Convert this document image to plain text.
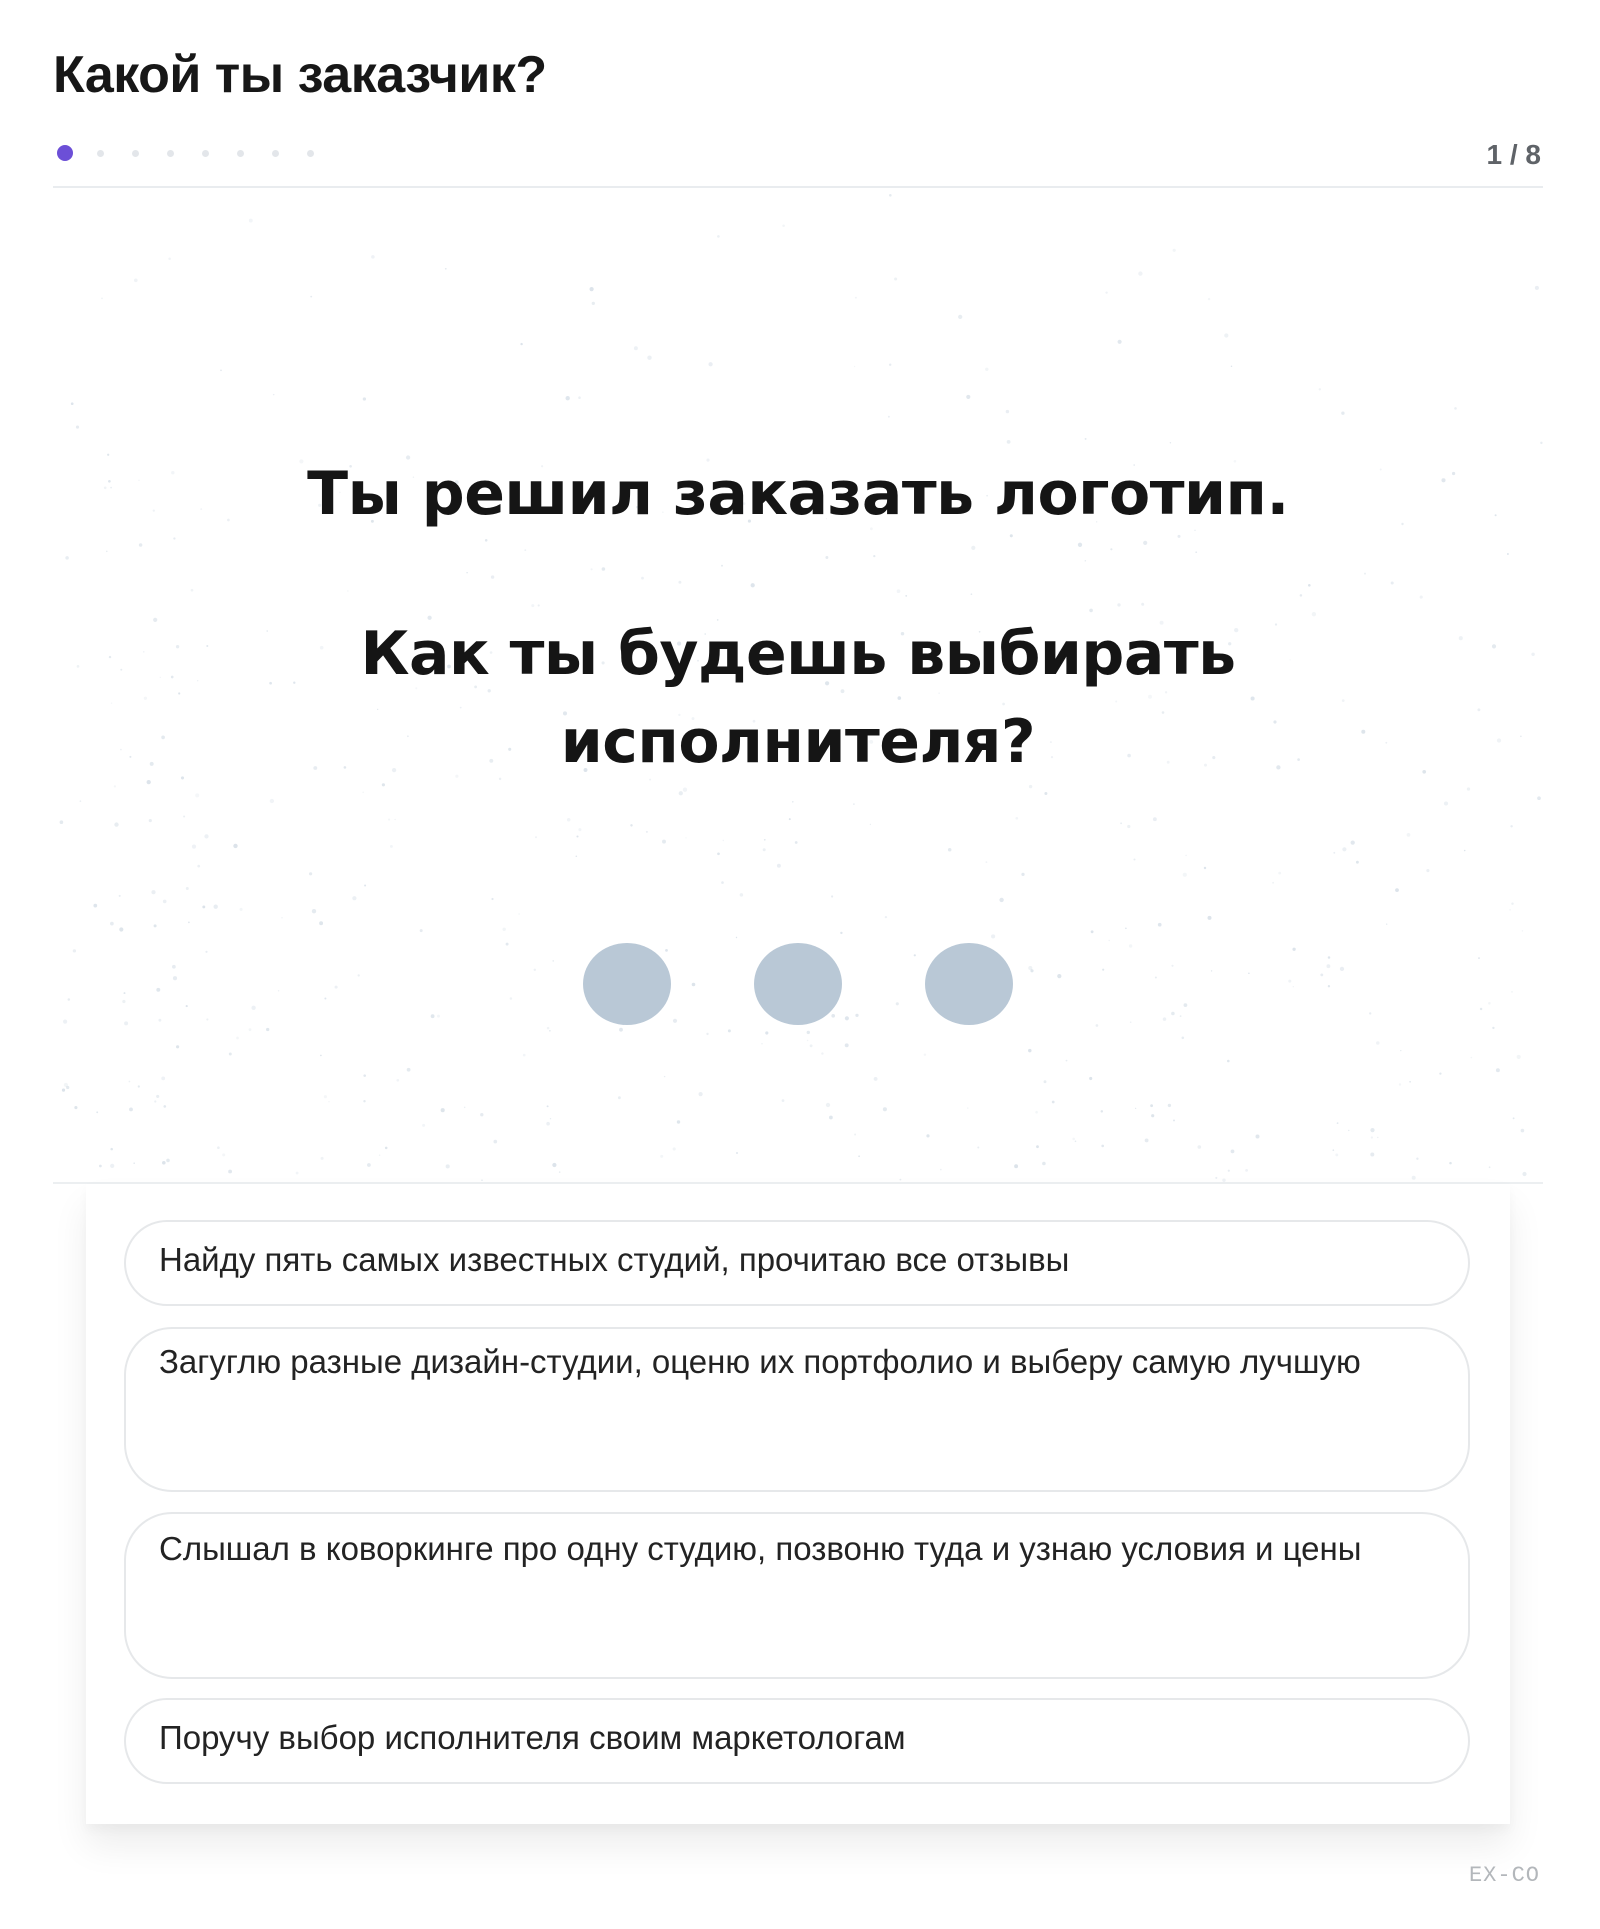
Какой ты заказчик?
1 / 8
Ты решил заказать логотип.
Как ты будешь выбирать
исполнителя?
Найду пять самых известных студий, прочитаю все отзывы
Загуглю разные дизайн-студии, оценю их портфолио и выберу самую лучшую
Слышал в коворкинге про одну студию, позвоню туда и узнаю условия и цены
Поручу выбор исполнителя своим маркетологам
EX-CO
